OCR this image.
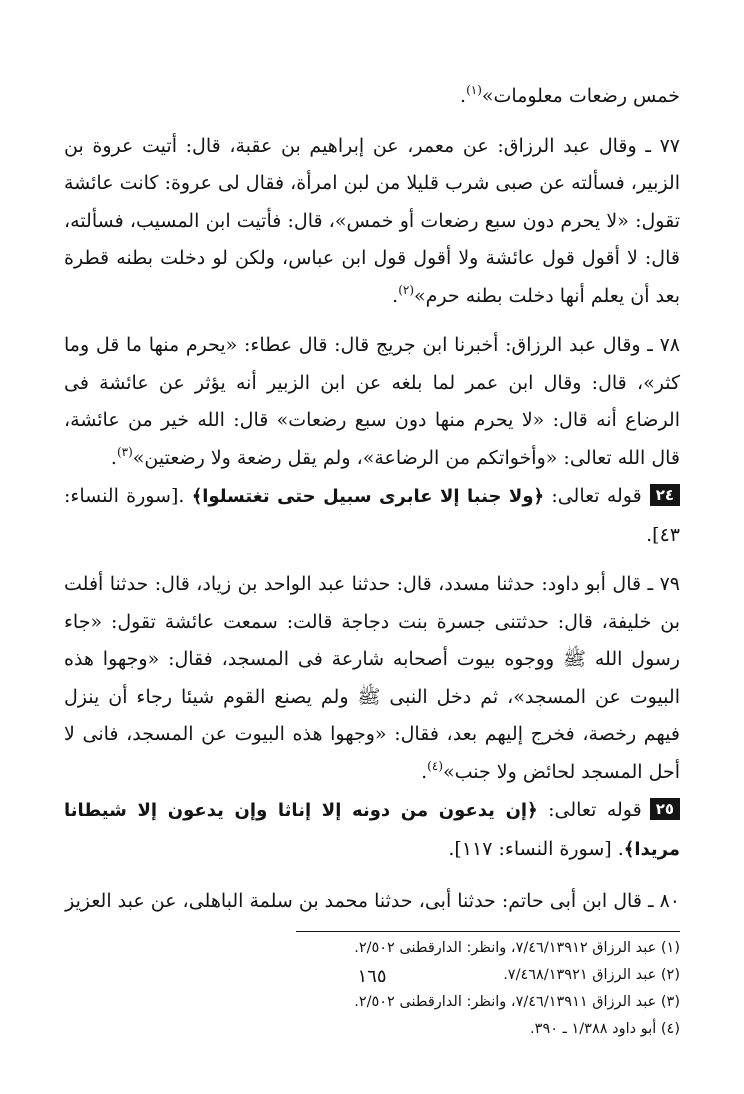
خمس رضعات معلومات»$^{(١)}$.

٧٧ ـ وقال عبد الرزاق: عن معمر، عن إبراهيم بن عقبة، قال: أتيت عروة بن الزبير، فسألته عن صبى شرب قليلا من لبن امرأة، فقال لى عروة: كانت عائشة تقول: «لا يحرم دون سبع رضعات أو خمس»، قال: فأتيت ابن المسيب، فسألته، قال: لا أقول قول عائشة ولا أقول قول ابن عباس، ولكن لو دخلت بطنه قطرة بعد أن يعلم أنها دخلت بطنه حرم»$^{(٢)}$.

٧٨ ـ وقال عبد الرزاق: أخبرنا ابن جريج قال: قال عطاء: «يحرم منها ما قل وما كثر»، قال: وقال ابن عمر لما بلغه عن ابن الزبير أنه يؤثر عن عائشة فى الرضاع أنه قال: «لا يحرم منها دون سبع رضعات» قال: الله خير من عائشة، قال الله تعالى: «وأخواتكم من الرضاعة»، ولم يقل رضعة ولا رضعتين»$^{(٣)}$.

٢٤قوله تعالى: ﴿ولا جنبا إلا عابرى سبيل حتى تغتسلوا﴾ .[سورة النساء: ٤٣].

٧٩ ـ قال أبو داود: حدثنا مسدد، قال: حدثنا عبد الواحد بن زياد، قال: حدثنا أفلت بن خليفة، قال: حدثتنى جسرة بنت دجاجة قالت: سمعت عائشة تقول: «جاء رسول الله ﷺ ووجوه بيوت أصحابه شارعة فى المسجد، فقال: «وجهوا هذه البيوت عن المسجد»، ثم دخل النبى ﷺ ولم يصنع القوم شيئا رجاء أن ينزل فيهم رخصة، فخرج إليهم بعد، فقال: «وجهوا هذه البيوت عن المسجد، فانى لا أحل المسجد لحائض ولا جنب»$^{(٤)}$.

٢٥قوله تعالى: ﴿إن يدعون من دونه إلا إناثا وإن يدعون إلا شيطانا مريدا﴾. [سورة النساء: ١١٧].

٨٠ ـ قال ابن أبى حاتم: حدثنا أبى، حدثنا محمد بن سلمة الباهلى، عن عبد العزيز

(١) عبد الرزاق ٧/٤٦/١٣٩١٢، وانظر: الدارقطنى ٢/٥٠٢.

(٢) عبد الرزاق ٧/٤٦٨/١٣٩٢١.

(٣) عبد الرزاق ٧/٤٦/١٣٩١١، وانظر: الدارقطنى ٢/٥٠٢.

(٤) أبو داود ١/٣٨٨ ـ ٣٩٠.

١٦٥
